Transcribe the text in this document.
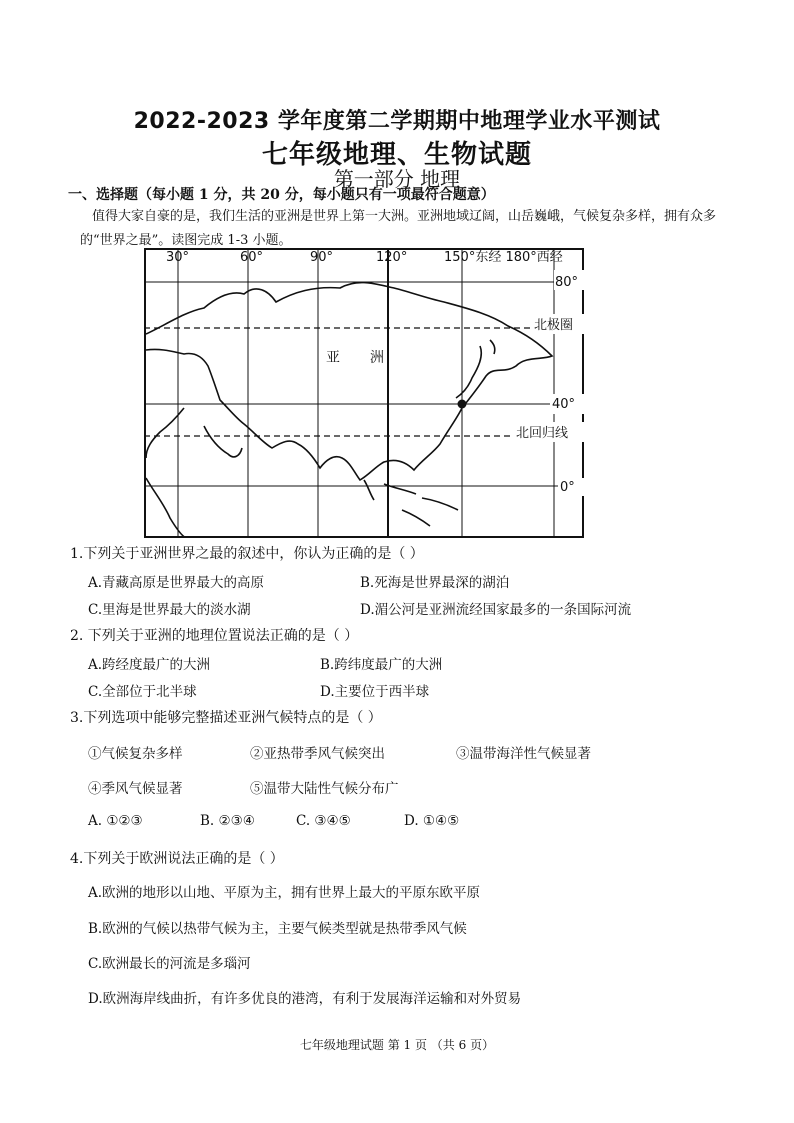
2022-2023 学年度第二学期期中地理学业水平测试
七年级地理、生物试题
第一部分 地理
一、选择题（每小题 1 分，共 20 分，每小题只有一项最符合题意）
值得大家自豪的是，我们生活的亚洲是世界上第一大洲。亚洲地域辽阔，山岳巍峨，气候复杂多样，拥有众多的“世界之最”。读图完成 1-3 小题。
30°	60°	90°	120°	150°东经 180°西经
80°
北极圈
40°
北回归线
0°
亚 洲
1.下列关于亚洲世界之最的叙述中，你认为正确的是（ ）
A.青藏高原是世界最大的高原	B.死海是世界最深的湖泊
C.里海是世界最大的淡水湖	D.湄公河是亚洲流经国家最多的一条国际河流
2. 下列关于亚洲的地理位置说法正确的是（ ）
A.跨经度最广的大洲	B.跨纬度最广的大洲
C.全部位于北半球	D.主要位于西半球
3.下列选项中能够完整描述亚洲气候特点的是（ ）
①气候复杂多样	②亚热带季风气候突出	③温带海洋性气候显著
④季风气候显著	⑤温带大陆性气候分布广
A. ①②③	B. ②③④	C. ③④⑤	D. ①④⑤
4.下列关于欧洲说法正确的是（ ）
A.欧洲的地形以山地、平原为主，拥有世界上最大的平原东欧平原
B.欧洲的气候以热带气候为主，主要气候类型就是热带季风气候
C.欧洲最长的河流是多瑙河
D.欧洲海岸线曲折，有许多优良的港湾，有利于发展海洋运输和对外贸易
七年级地理试题 第 1 页 （共 6 页）
